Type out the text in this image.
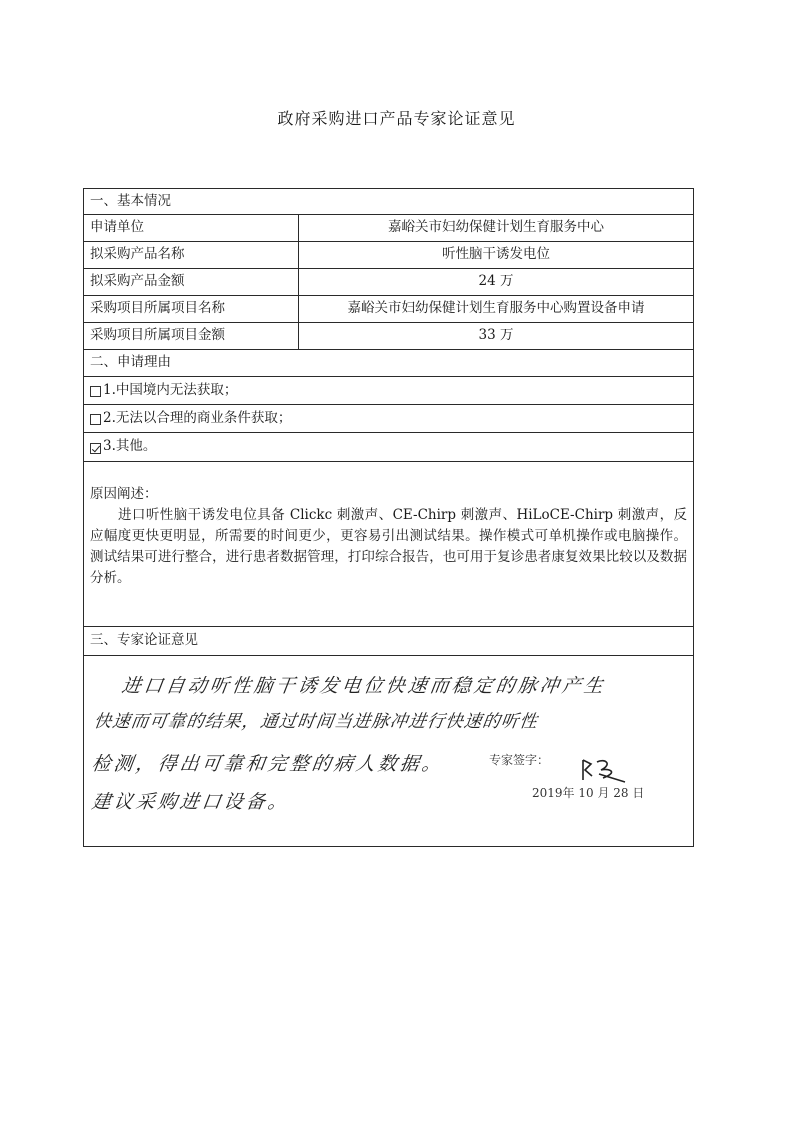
政府采购进口产品专家论证意见
一、基本情况
申请单位	嘉峪关市妇幼保健计划生育服务中心
拟采购产品名称	听性脑干诱发电位
拟采购产品金额	24 万
采购项目所属项目名称	嘉峪关市妇幼保健计划生育服务中心购置设备申请
采购项目所属项目金额	33 万
二、申请理由
1.中国境内无法获取；
2.无法以合理的商业条件获取；
3.其他。
原因阐述：

进口听性脑干诱发电位具备 Clickc 刺激声、CE-Chirp 刺激声、HiLoCE-Chirp 刺激声，反应幅度更快更明显，所需要的时间更少，更容易引出测试结果。操作模式可单机操作或电脑操作。 测试结果可进行整合，进行患者数据管理，打印综合报告，也可用于复诊患者康复效果比较以及数据分析。

三、专家论证意见
进口自动听性脑干诱发电位快速而稳定的脉冲产生
快速而可靠的结果，通过时间当进脉冲进行快速的听性
检测，得出可靠和完整的病人数据。
建议采购进口设备。
专家签字：
2019年 10 月 28 日
